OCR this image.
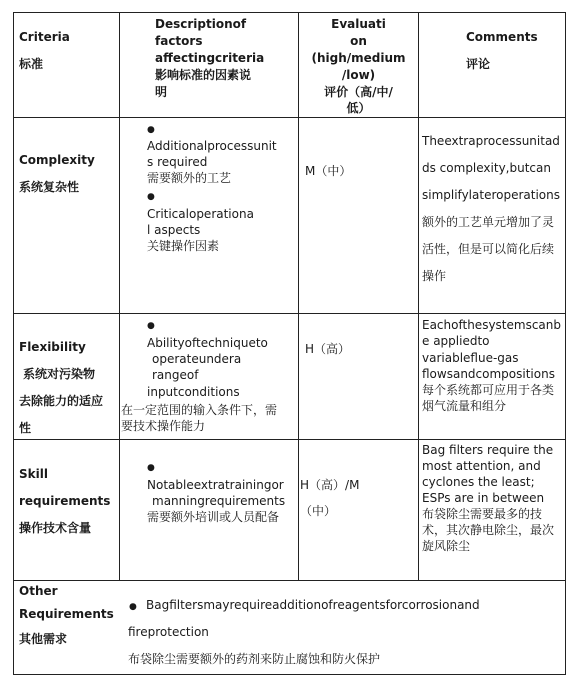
Criteria
标准
Descriptionof
factors
affectingcriteria
影响标准的因素说
明
Evaluati
on
(high/medium
/low)
评价（高/中/
低）
Comments
评论
Complexity
系统复杂性
●
Additionalprocessunit
s required
需要额外的工艺
●
Criticaloperationa
l aspects
关键操作因素
M（中）
Theextraprocessunitad
ds complexity,butcan
simplifylateroperations
额外的工艺单元增加了灵
活性，但是可以简化后续
操作
Flexibility
系统对污染物
去除能力的适应
性
●
Abilityoftechniqueto
operateundera
rangeof
inputconditions
在一定范围的输入条件下，需
要技术操作能力
H（高）
Eachofthesystemscanb
e appliedto
variableflue-gas
flowsandcompositions
每个系统都可应用于各类
烟气流量和组分
Skill
requirements
操作技术含量
●
Notableextratrainingor
manningrequirements
需要额外培训或人员配备
H（高）/M
（中）
Bag filters require the
most attention, and
cyclones the least;
ESPs are in between
布袋除尘需要最多的技
术，其次静电除尘，最次
旋风除尘
Other
Requirements
其他需求
● Bagfiltersmayrequireadditionofreagentsforcorrosionand
fireprotection
布袋除尘需要额外的药剂来防止腐蚀和防火保护
